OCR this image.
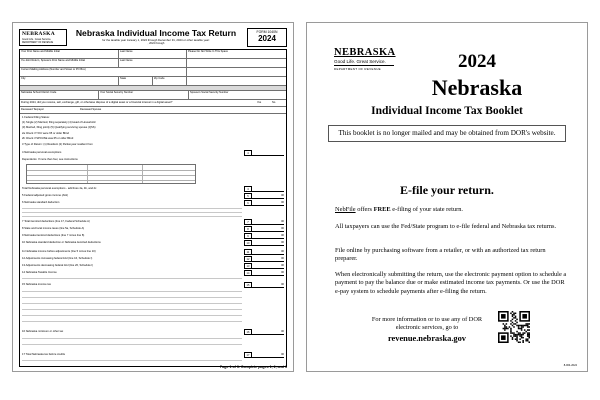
NEBRASKA
Good Life. Great Service.
DEPARTMENT OF REVENUE
Nebraska Individual Income Tax Return
for the taxable year January 1, 2024 through December 31, 2024 or other taxable year:
, 2024 through
FORM 1040N
2024
Your First Name and Middle Initial	Last Name	Please Do Not Write In This Space
If a Joint Return, Spouse's First Name and Middle Initial	Last Name
Current Mailing Address (Number and Street or PO Box)
City	State	Zip Code
Nebraska School District Code	Your Social Security Number	Spouse's Social Security Number
During 2024, did you receive, sell, exchange, gift, or otherwise dispose of a digital asset or a financial interest in a digital asset?	Yes	No
Deceased Taxpayer	Deceased Spouse
1 Federal Filing Status:
(1) Single (2) Married, filing separately (4) Head of Household
(3) Married, filing jointly (5) Qualifying surviving spouse (QSS)
2a Check if YOU were 65 or older Blind
2b Check if SPOUSE was 65 or older Blind
3 Type of Return: (1) Resident (2) Partial-year resident from
4 Nebraska personal exemptions
Dependents: If more than four, see instructions
Total Nebraska personal exemptions - add lines 4a, 4b, and 4c
5 Federal adjusted gross income (AGI)
6 Nebraska standard deduction
7 Total itemized deductions (line 17, Federal Schedule A)
8 State and local income taxes (line 5a, Schedule A)
9 Nebraska itemized deductions (line 7 minus line 8)
10 Nebraska standard deduction or Nebraska itemized deductions
11 Nebraska income before adjustments (line 5 minus line 10)
12 Adjustments increasing federal AGI (line 16, Schedule I)
13 Adjustments decreasing federal AGI (line 26, Schedule I)
14 Nebraska Taxable Income
15 Nebraska income tax
16 Nebraska minimum or other tax
17 Total Nebraska tax before credits
4
4
5	00
6	00
7	00
8	00
9	00
10	00
11	00
12	00
13	00
14	00
15	00
16	00
17	00
Page 1 of 3. Complete pages 1, 2, and 3
NEBRASKA
Good Life. Great Service.
DEPARTMENT OF REVENUE	2024
Nebraska
Individual Income Tax Booklet
This booklet is no longer mailed and may be obtained from DOR's website.
E-file your return.
NebFile offers FREE e-filing of your state return.
All taxpayers can use the Fed/State program to e-file federal and Nebraska tax returns.
File online by purchasing software from a retailer, or with an authorized tax return preparer.
When electronically submitting the return, use the electronic payment option to schedule a payment to pay the balance due or make estimated income tax payments. Or use the DOR e-pay system to schedule payments after e-filing the return.
For more information or to use any of DOR electronic services, go to
revenue.nebraska.gov
8-004-2024
